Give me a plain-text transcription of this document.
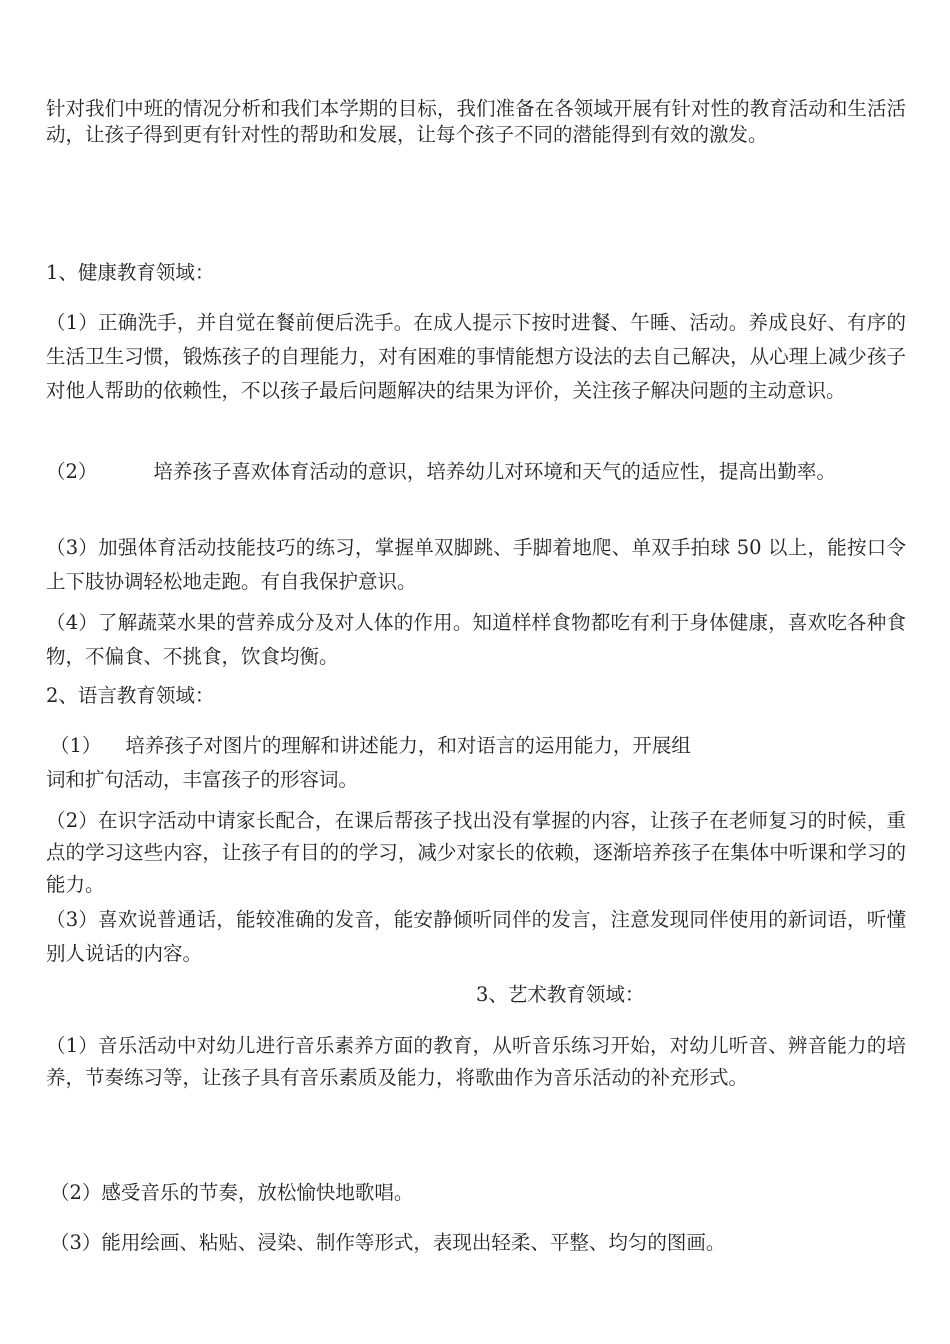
针对我们中班的情况分析和我们本学期的目标，我们准备在各领域开展有针对性的教育活动和生活活动，让孩子得到更有针对性的帮助和发展，让每个孩子不同的潜能得到有效的激发。

1、健康教育领域：

（1）正确洗手，并自觉在餐前便后洗手。在成人提示下按时进餐、午睡、活动。养成良好、有序的生活卫生习惯，锻炼孩子的自理能力，对有困难的事情能想方设法的去自己解决，从心理上减少孩子对他人帮助的依赖性，不以孩子最后问题解决的结果为评价，关注孩子解决问题的主动意识。

（2）	培养孩子喜欢体育活动的意识，培养幼儿对环境和天气的适应性，提高出勤率。

（3）加强体育活动技能技巧的练习，掌握单双脚跳、手脚着地爬、单双手拍球 50 以上，能按口令上下肢协调轻松地走跑。有自我保护意识。

（4）了解蔬菜水果的营养成分及对人体的作用。知道样样食物都吃有利于身体健康，喜欢吃各种食物，不偏食、不挑食，饮食均衡。

2、语言教育领域：

（1） 培养孩子对图片的理解和讲述能力，和对语言的运用能力，开展组

词和扩句活动，丰富孩子的形容词。

（2）在识字活动中请家长配合，在课后帮孩子找出没有掌握的内容，让孩子在老师复习的时候，重点的学习这些内容，让孩子有目的的学习，减少对家长的依赖，逐渐培养孩子在集体中听课和学习的能力。

（3）喜欢说普通话，能较准确的发音，能安静倾听同伴的发言，注意发现同伴使用的新词语，听懂别人说话的内容。

3、艺术教育领域：

（1）音乐活动中对幼儿进行音乐素养方面的教育，从听音乐练习开始，对幼儿听音、辨音能力的培养，节奏练习等，让孩子具有音乐素质及能力，将歌曲作为音乐活动的补充形式。

（2）感受音乐的节奏，放松愉快地歌唱。

（3）能用绘画、粘贴、浸染、制作等形式，表现出轻柔、平整、均匀的图画。
